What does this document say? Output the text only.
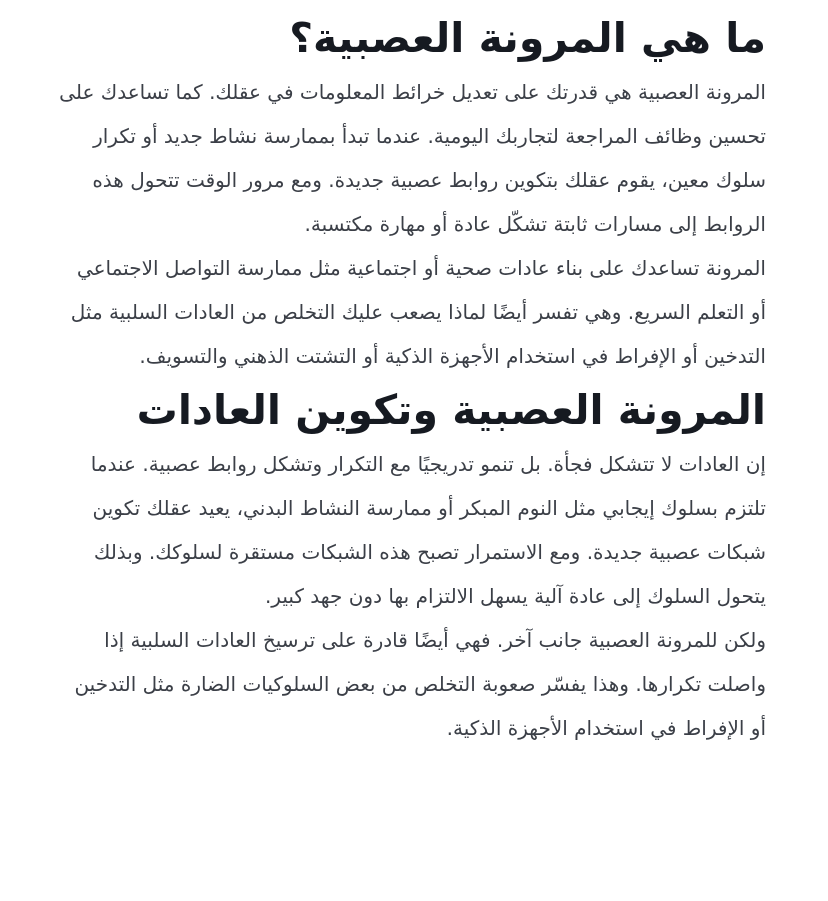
ما هي المرونة العصبية؟

المرونة العصبية هي قدرتك على تعديل خرائط المعلومات في عقلك. كما تساعدك على تحسين وظائف المراجعة لتجاربك اليومية. عندما تبدأ بممارسة نشاط جديد أو تكرار سلوك معين، يقوم عقلك بتكوين روابط عصبية جديدة. ومع مرور الوقت تتحول هذه الروابط إلى مسارات ثابتة تشكّل عادة أو مهارة مكتسبة.

المرونة تساعدك على بناء عادات صحية أو اجتماعية مثل ممارسة التواصل الاجتماعي أو التعلم السريع. وهي تفسر أيضًا لماذا يصعب عليك التخلص من العادات السلبية مثل التدخين أو الإفراط في استخدام الأجهزة الذكية أو التشتت الذهني والتسويف.

المرونة العصبية وتكوين العادات

إن العادات لا تتشكل فجأة. بل تنمو تدريجيًا مع التكرار وتشكل روابط عصبية. عندما تلتزم بسلوك إيجابي مثل النوم المبكر أو ممارسة النشاط البدني، يعيد عقلك تكوين شبكات عصبية جديدة. ومع الاستمرار تصبح هذه الشبكات مستقرة لسلوكك. وبذلك يتحول السلوك إلى عادة آلية يسهل الالتزام بها دون جهد كبير.

ولكن للمرونة العصبية جانب آخر. فهي أيضًا قادرة على ترسيخ العادات السلبية إذا واصلت تكرارها. وهذا يفسّر صعوبة التخلص من بعض السلوكيات الضارة مثل التدخين أو الإفراط في استخدام الأجهزة الذكية.
